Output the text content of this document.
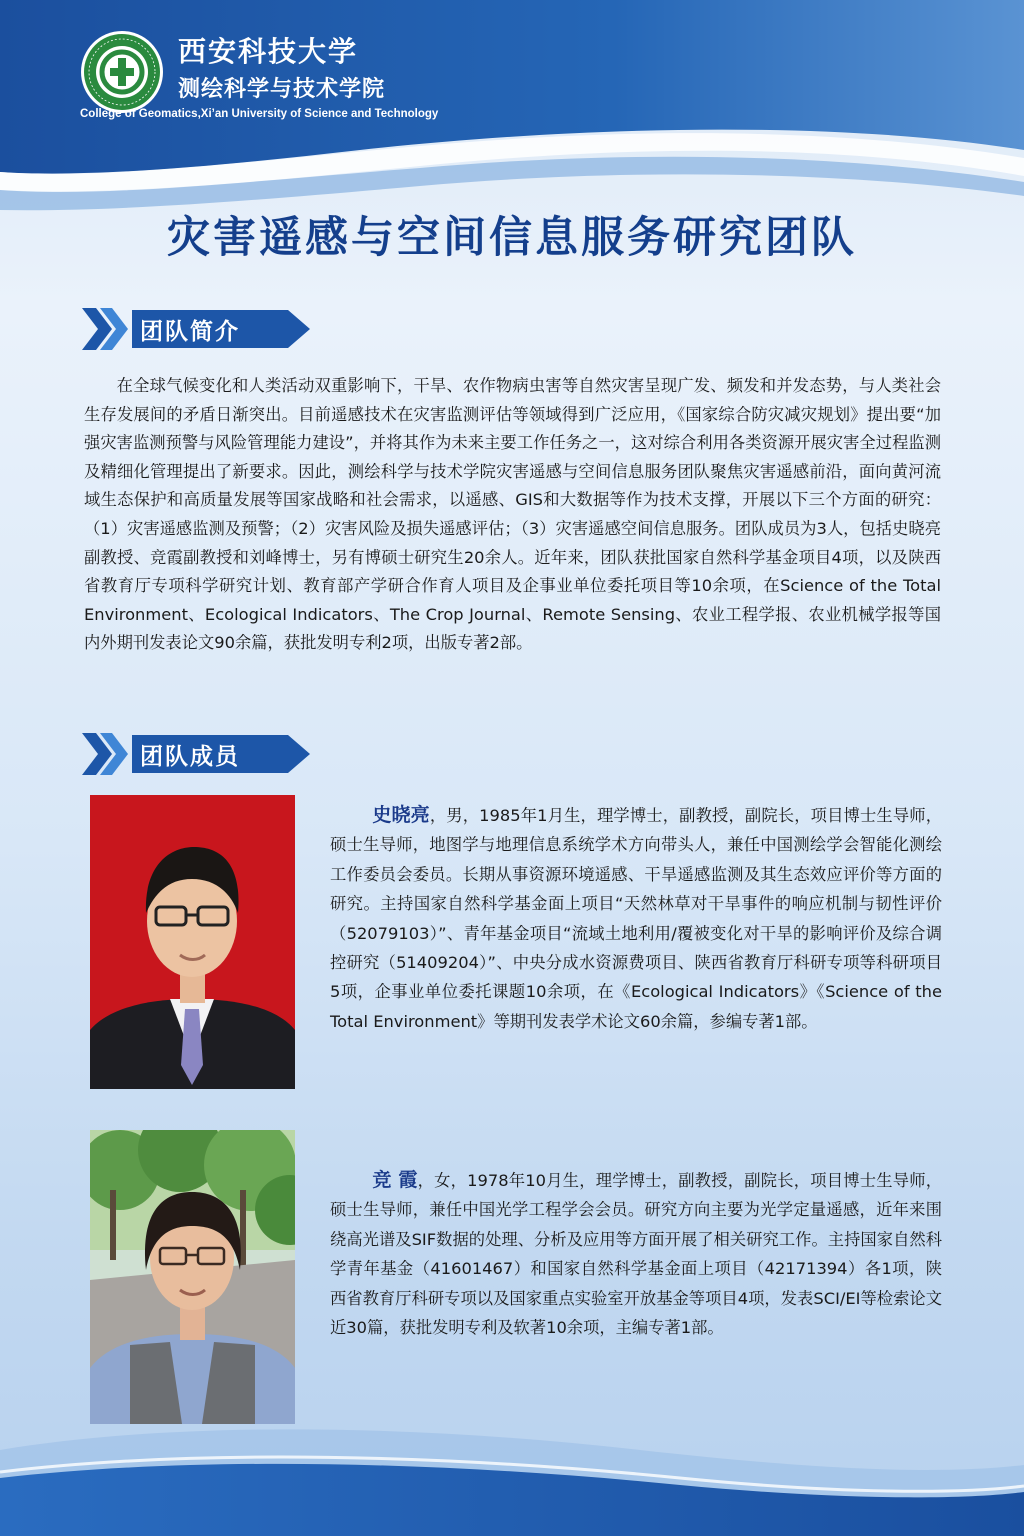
西安科技大学
测绘科学与技术学院
College of Geomatics,Xi’an University of Science and Technology
灾害遥感与空间信息服务研究团队
团队简介

在全球气候变化和人类活动双重影响下，干旱、农作物病虫害等自然灾害呈现广发、频发和并发态势，与人类社会生存发展间的矛盾日渐突出。目前遥感技术在灾害监测评估等领域得到广泛应用，《国家综合防灾减灾规划》提出要“加强灾害监测预警与风险管理能力建设”，并将其作为未来主要工作任务之一，这对综合利用各类资源开展灾害全过程监测及精细化管理提出了新要求。因此，测绘科学与技术学院灾害遥感与空间信息服务团队聚焦灾害遥感前沿，面向黄河流域生态保护和高质量发展等国家战略和社会需求，以遥感、GIS和大数据等作为技术支撑，开展以下三个方面的研究：（1）灾害遥感监测及预警；（2）灾害风险及损失遥感评估；（3）灾害遥感空间信息服务。团队成员为3人，包括史晓亮副教授、竞霞副教授和刘峰博士，另有博硕士研究生20余人。近年来，团队获批国家自然科学基金项目4项，以及陕西省教育厅专项科学研究计划、教育部产学研合作育人项目及企事业单位委托项目等10余项，在Science of the Total Environment、Ecological Indicators、The Crop Journal、Remote Sensing、农业工程学报、农业机械学报等国内外期刊发表论文90余篇，获批发明专利2项，出版专著2部。

团队成员

史晓亮，男，1985年1月生，理学博士，副教授，副院长，项目博士生导师，硕士生导师，地图学与地理信息系统学术方向带头人，兼任中国测绘学会智能化测绘工作委员会委员。长期从事资源环境遥感、干旱遥感监测及其生态效应评价等方面的研究。主持国家自然科学基金面上项目“天然林草对干旱事件的响应机制与韧性评价（52079103）”、青年基金项目“流域土地利用/覆被变化对干旱的影响评价及综合调控研究（51409204）”、中央分成水资源费项目、陕西省教育厅科研专项等科研项目5项，企事业单位委托课题10余项，在《Ecological Indicators》《Science of the Total Environment》等期刊发表学术论文60余篇，参编专著1部。

竞 霞，女，1978年10月生，理学博士，副教授，副院长，项目博士生导师，硕士生导师，兼任中国光学工程学会会员。研究方向主要为光学定量遥感，近年来围绕高光谱及SIF数据的处理、分析及应用等方面开展了相关研究工作。主持国家自然科学青年基金（41601467）和国家自然科学基金面上项目（42171394）各1项，陕西省教育厅科研专项以及国家重点实验室开放基金等项目4项，发表SCI/EI等检索论文近30篇，获批发明专利及软著10余项，主编专著1部。
